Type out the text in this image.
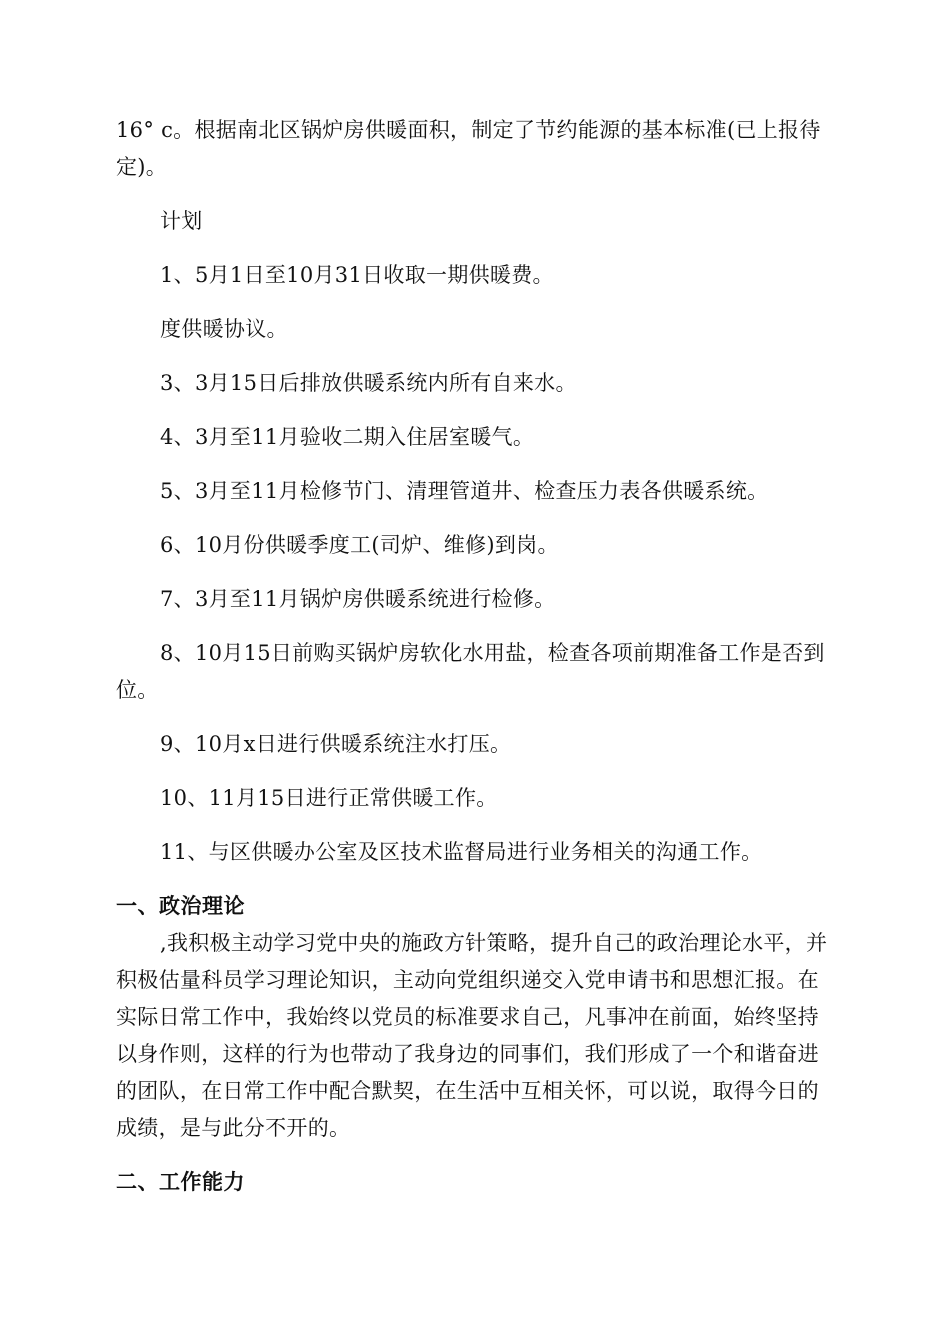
16° c。根据南北区锅炉房供暖面积，制定了节约能源的基本标准(已上报待定)。

计划

1、5月1日至10月31日收取一期供暖费。

度供暖协议。

3、3月15日后排放供暖系统内所有自来水。

4、3月至11月验收二期入住居室暖气。

5、3月至11月检修节门、清理管道井、检查压力表各供暖系统。

6、10月份供暖季度工(司炉、维修)到岗。

7、3月至11月锅炉房供暖系统进行检修。

8、10月15日前购买锅炉房软化水用盐，检查各项前期准备工作是否到位。

9、10月x日进行供暖系统注水打压。

10、11月15日进行正常供暖工作。

11、与区供暖办公室及区技术监督局进行业务相关的沟通工作。

一、政治理论

,我积极主动学习党中央的施政方针策略，提升自己的政治理论水平，并积极估量科员学习理论知识，主动向党组织递交入党申请书和思想汇报。在实际日常工作中，我始终以党员的标准要求自己，凡事冲在前面，始终坚持以身作则，这样的行为也带动了我身边的同事们，我们形成了一个和谐奋进的团队，在日常工作中配合默契，在生活中互相关怀，可以说，取得今日的成绩，是与此分不开的。

二、工作能力
